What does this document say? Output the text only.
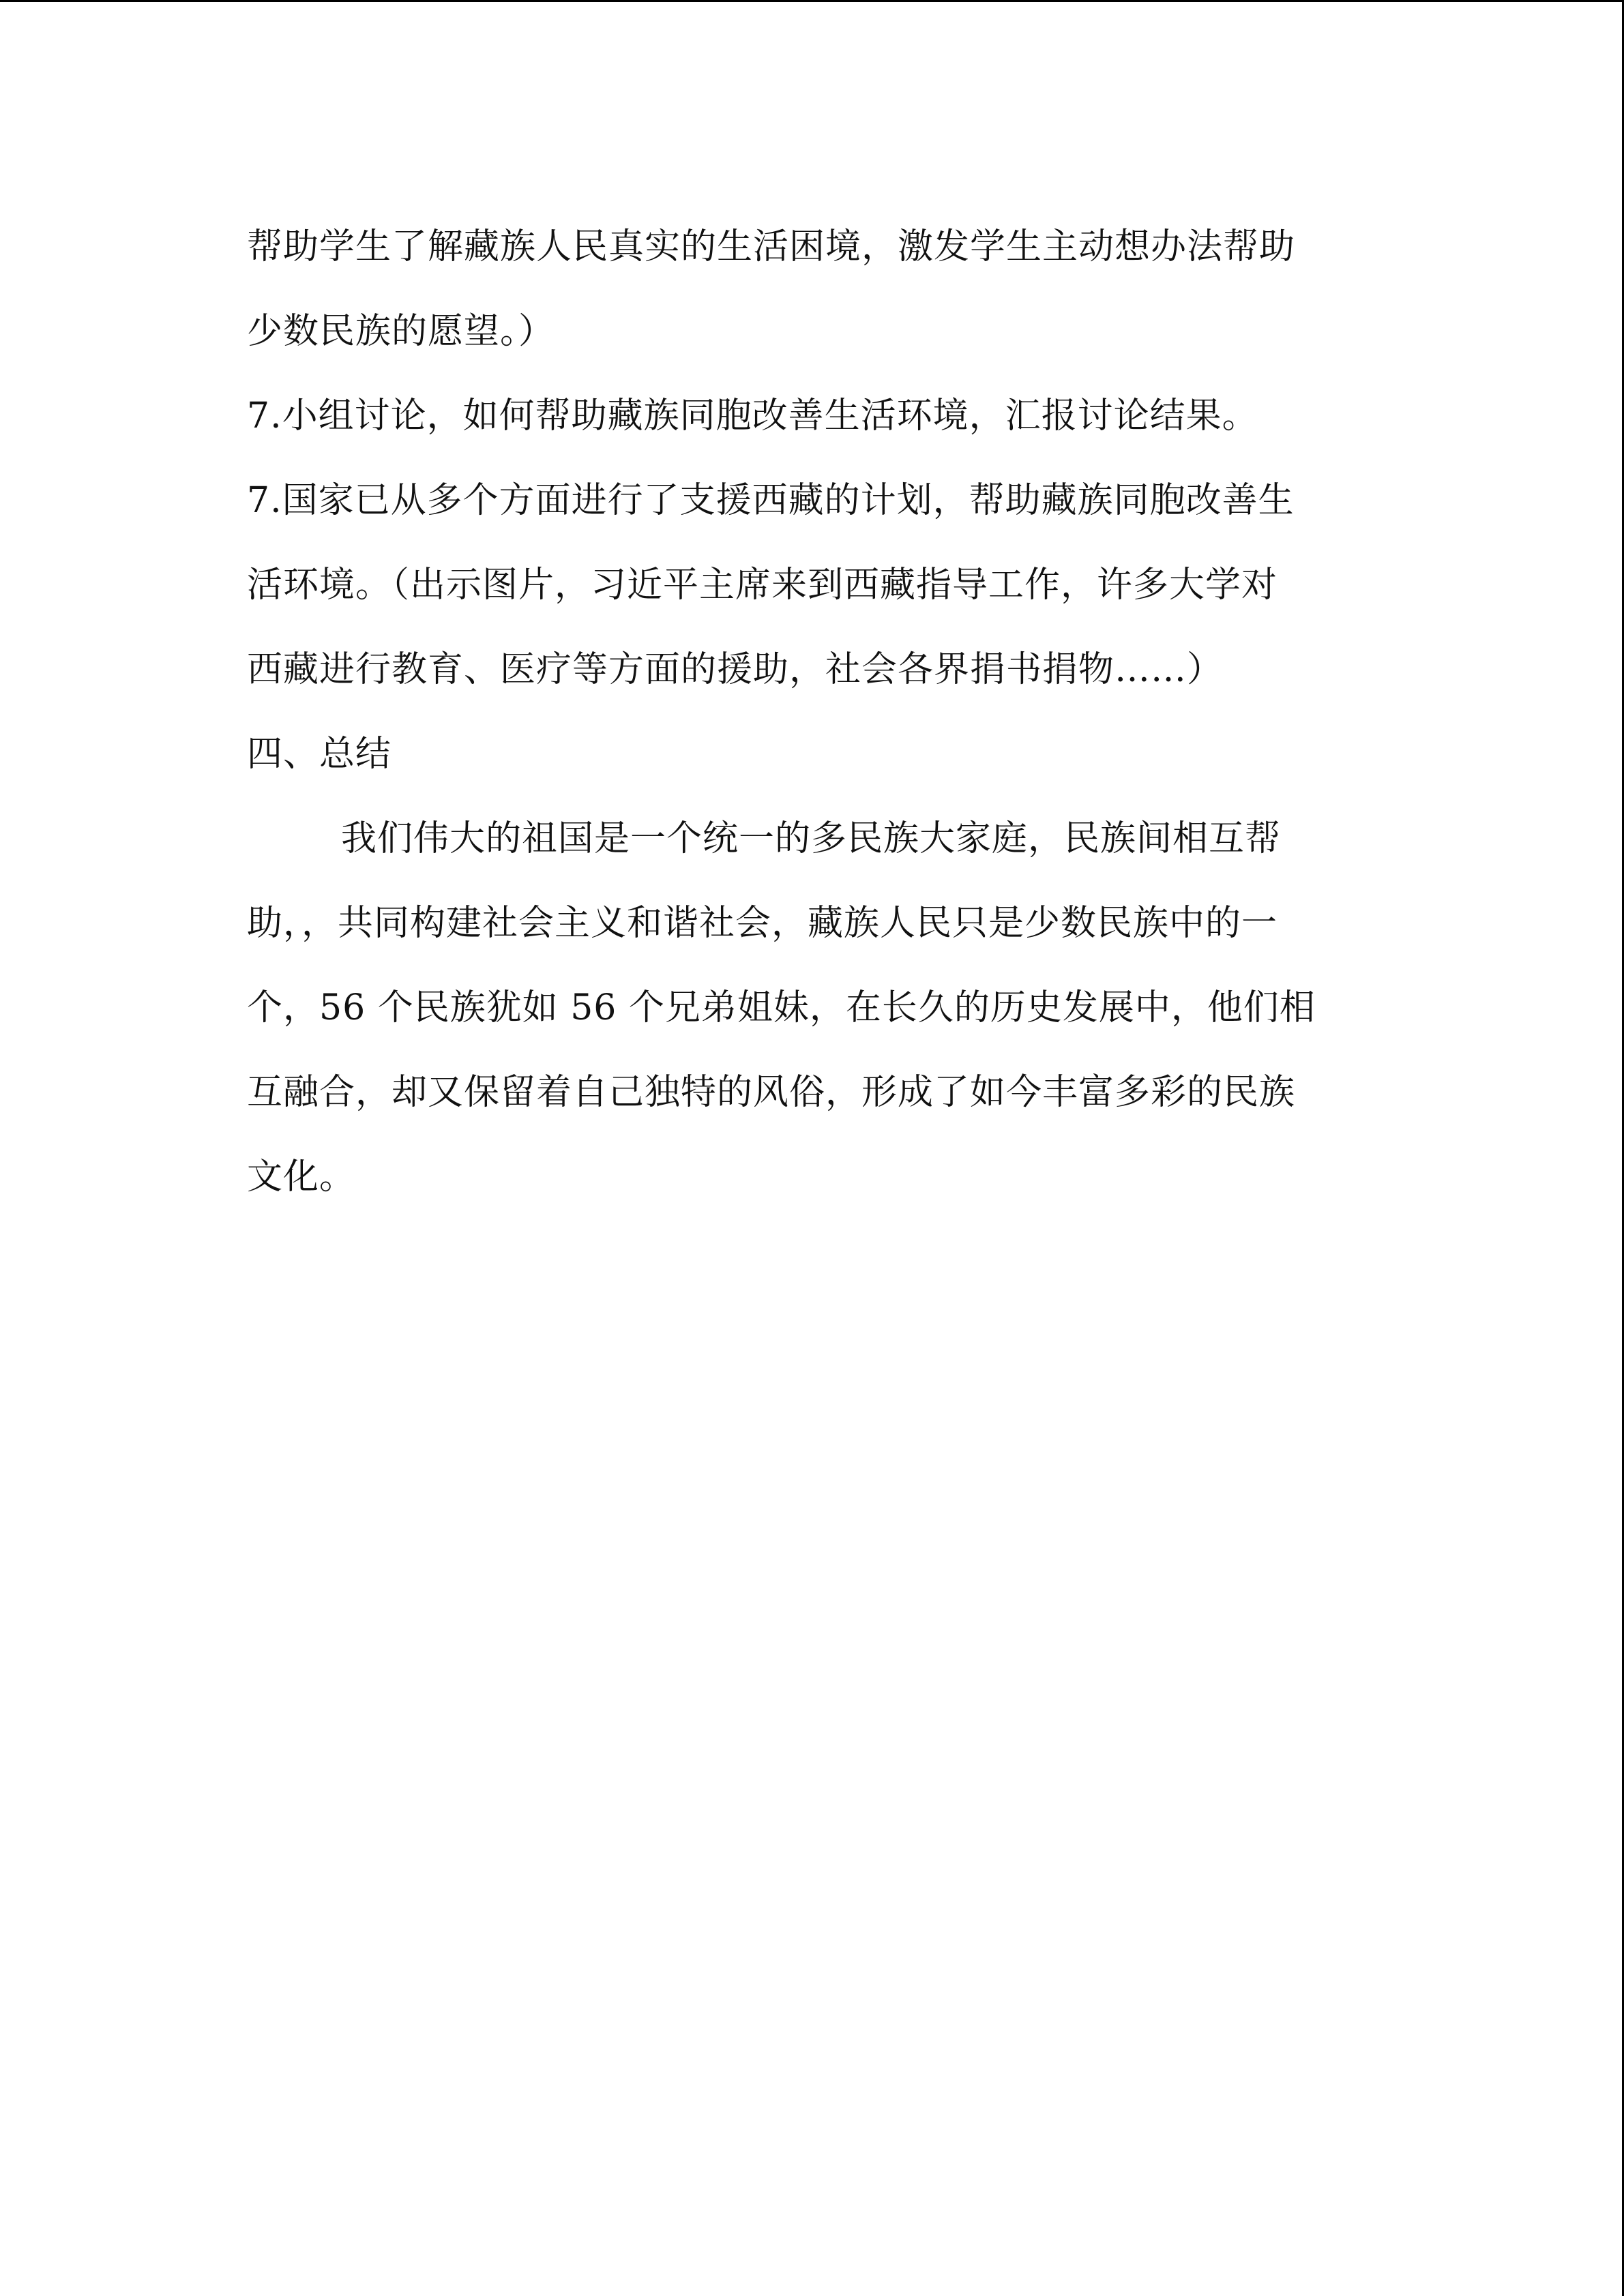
帮助学生了解藏族人民真实的生活困境，激发学生主动想办法帮助
少数民族的愿望。）
7.小组讨论，如何帮助藏族同胞改善生活环境，汇报讨论结果。
7.国家已从多个方面进行了支援西藏的计划，帮助藏族同胞改善生
活环境。（出示图片，习近平主席来到西藏指导工作，许多大学对
西藏进行教育、医疗等方面的援助，社会各界捐书捐物……）
四、总结
我们伟大的祖国是一个统一的多民族大家庭，民族间相互帮
助，，共同构建社会主义和谐社会，藏族人民只是少数民族中的一
个，56 个民族犹如 56 个兄弟姐妹，在长久的历史发展中，他们相
互融合，却又保留着自己独特的风俗，形成了如今丰富多彩的民族
文化。
